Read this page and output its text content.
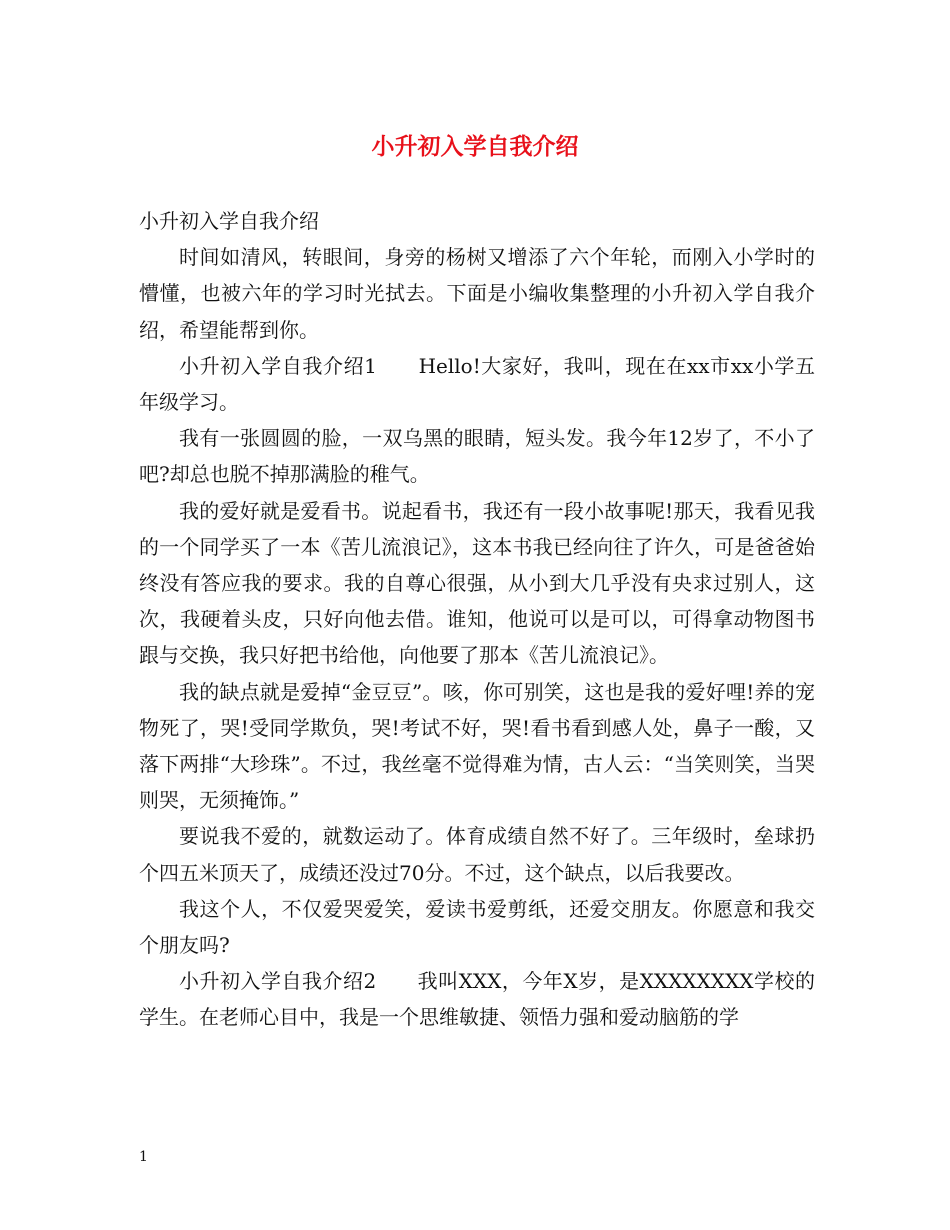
小升初入学自我介绍

小升初入学自我介绍

时间如清风，转眼间，身旁的杨树又增添了六个年轮，而刚入小学时的懵懂，也被六年的学习时光拭去。下面是小编收集整理的小升初入学自我介绍，希望能帮到你。

小升初入学自我介绍1　　Hello!大家好，我叫，现在在xx市xx小学五年级学习。

我有一张圆圆的脸，一双乌黑的眼睛，短头发。我今年12岁了，不小了吧?却总也脱不掉那满脸的稚气。

我的爱好就是爱看书。说起看书，我还有一段小故事呢!那天，我看见我的一个同学买了一本《苦儿流浪记》，这本书我已经向往了许久，可是爸爸始终没有答应我的要求。我的自尊心很强，从小到大几乎没有央求过别人，这次，我硬着头皮，只好向他去借。谁知，他说可以是可以，可得拿动物图书跟与交换，我只好把书给他，向他要了那本《苦儿流浪记》。

我的缺点就是爱掉“金豆豆”。咳，你可别笑，这也是我的爱好哩!养的宠物死了，哭!受同学欺负，哭!考试不好，哭!看书看到感人处，鼻子一酸，又落下两排“大珍珠”。不过，我丝毫不觉得难为情，古人云：“当笑则笑，当哭则哭，无须掩饰。”

要说我不爱的，就数运动了。体育成绩自然不好了。三年级时，垒球扔个四五米顶天了，成绩还没过70分。不过，这个缺点，以后我要改。

我这个人，不仅爱哭爱笑，爱读书爱剪纸，还爱交朋友。你愿意和我交个朋友吗?

小升初入学自我介绍2　　我叫XXX，今年X岁，是XXXXXXXX学校的学生。在老师心目中，我是一个思维敏捷、领悟力强和爱动脑筋的学

1
